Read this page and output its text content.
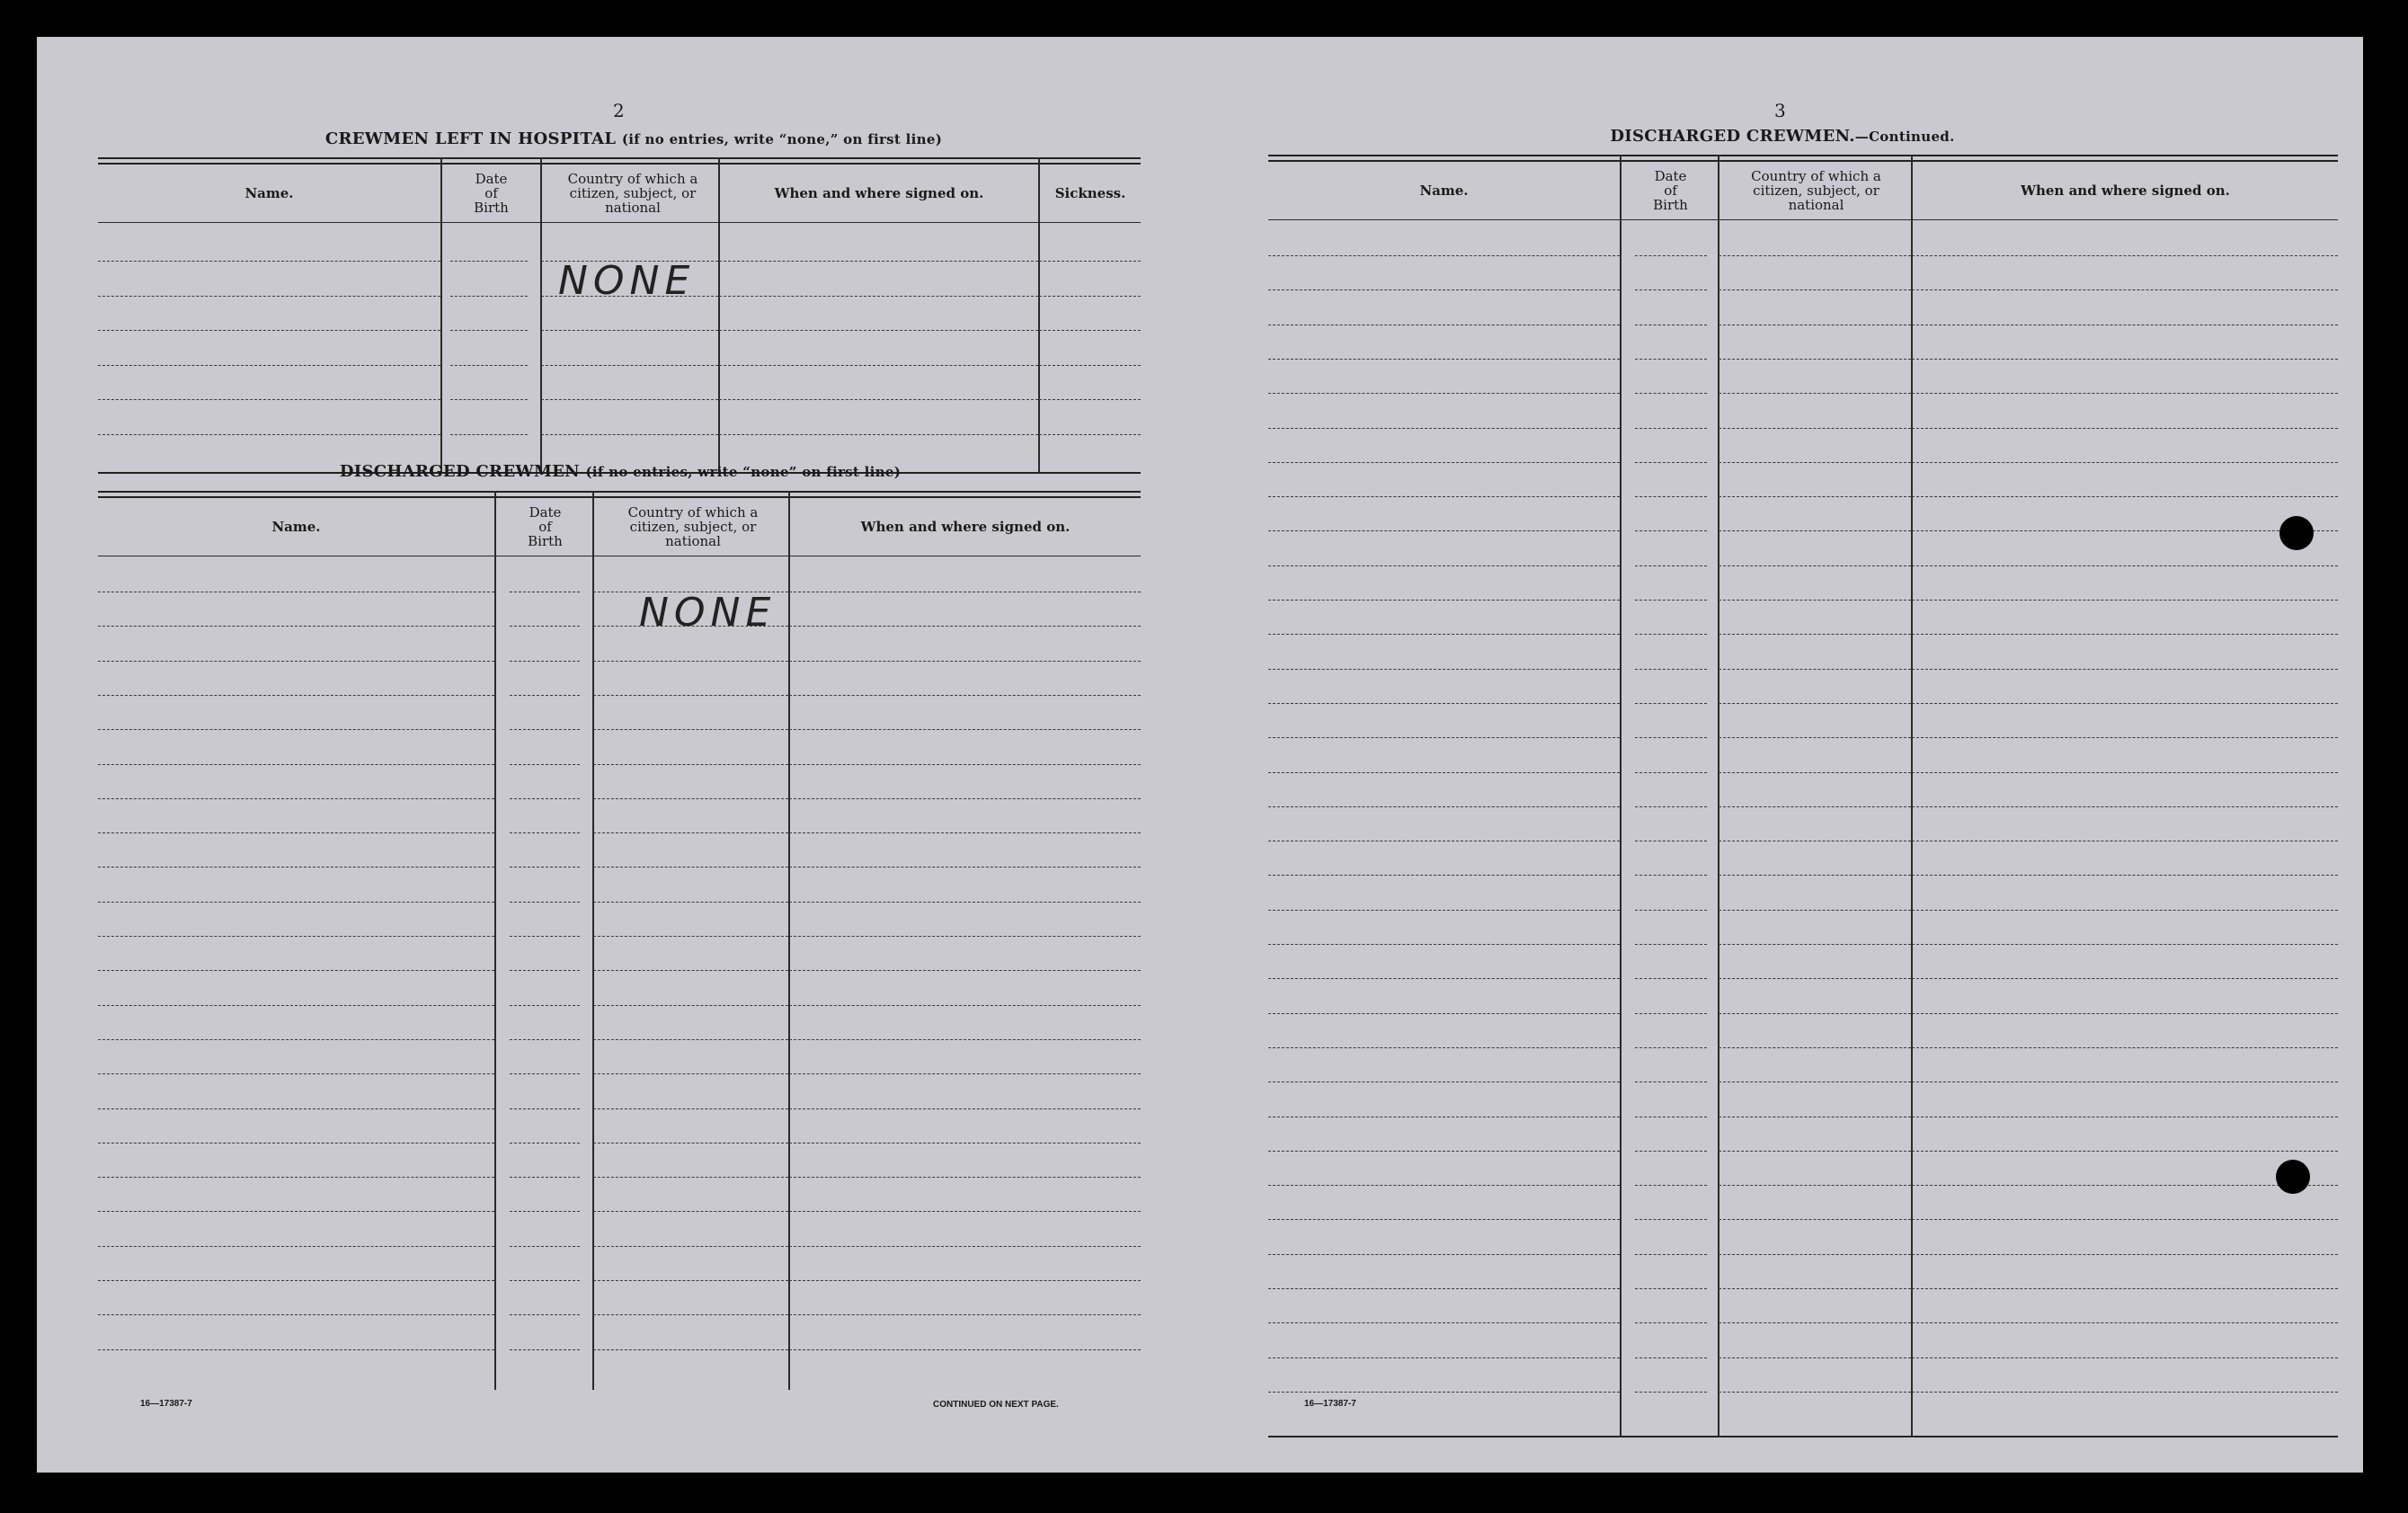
2
CREWMEN LEFT IN HOSPITAL (if no entries, write “none,” on first line)
Name.
Date of Birth
Country of which a citizen, subject, or national
When and where signed on.	Sickness.
NONE
DISCHARGED CREWMEN (if no entries, write “none” on first line)
Name.
Date of Birth
Country of which a citizen, subject, or national
When and where signed on.
NONE
16—17387-7	CONTINUED ON NEXT PAGE.
3
DISCHARGED CREWMEN.—Continued.
Name.
Date of Birth
Country of which a citizen, subject, or national
When and where signed on.
16—17387-7
